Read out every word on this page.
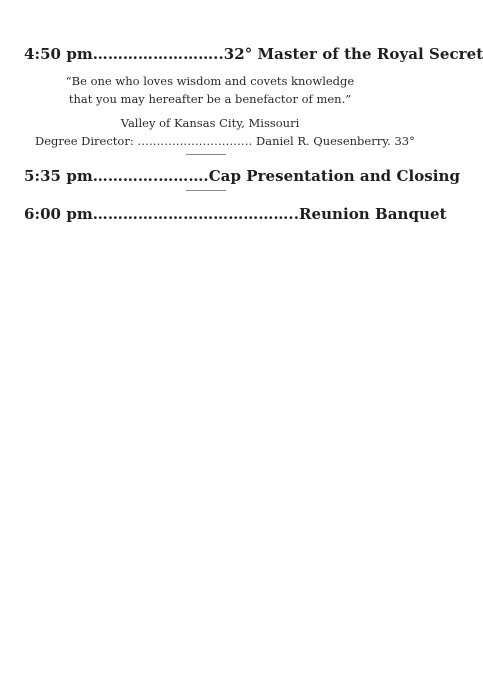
4:50 pm……………………..32° Master of the Royal Secret
“Be one who loves wisdom and covets knowledge that you may hereafter be a benefactor of men.”
Valley of Kansas City, Missouri
Degree Director: ………………………… Daniel R. Quesenberry. 33°
5:35 pm………….……….Cap Presentation and Closing
6:00 pm…………………………………..Reunion Banquet
